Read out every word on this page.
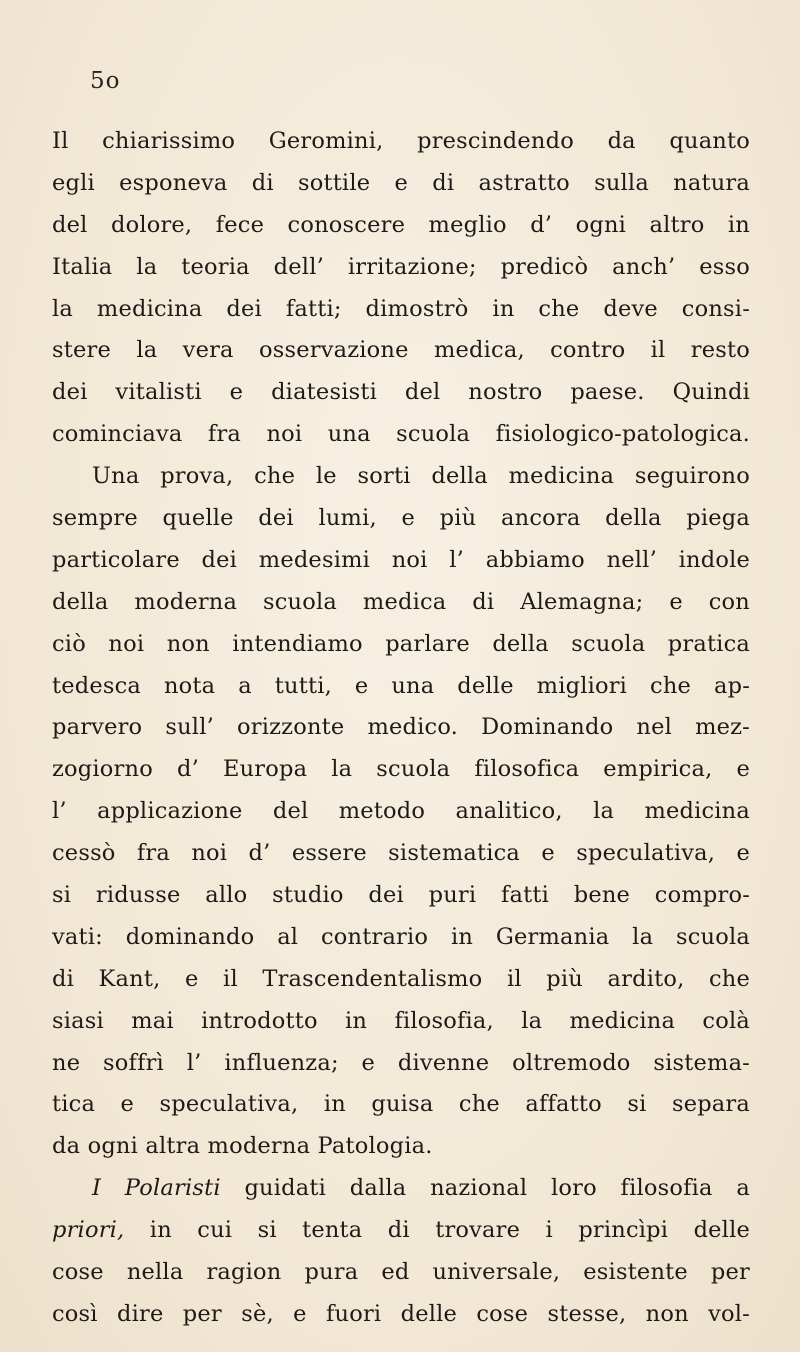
5o
Il chiarissimo Geromini, prescindendo da quanto
egli esponeva di sottile e di astratto sulla natura
del dolore, fece conoscere meglio d’ ogni altro in
Italia la teoria dell’ irritazione; predicò anch’ esso
la medicina dei fatti; dimostrò in che deve consi-
stere la vera osservazione medica, contro il resto
dei vitalisti e diatesisti del nostro paese. Quindi
cominciava fra noi una scuola fisiologico-patologica.
Una prova, che le sorti della medicina seguirono
sempre quelle dei lumi, e più ancora della piega
particolare dei medesimi noi l’ abbiamo nell’ indole
della moderna scuola medica di Alemagna; e con
ciò noi non intendiamo parlare della scuola pratica
tedesca nota a tutti, e una delle migliori che ap-
parvero sull’ orizzonte medico. Dominando nel mez-
zogiorno d’ Europa la scuola filosofica empirica, e
l’ applicazione del metodo analitico, la medicina
cessò fra noi d’ essere sistematica e speculativa, e
si ridusse allo studio dei puri fatti bene compro-
vati: dominando al contrario in Germania la scuola
di Kant, e il Trascendentalismo il più ardito, che
siasi mai introdotto in filosofia, la medicina colà
ne soffrì l’ influenza; e divenne oltremodo sistema-
tica e speculativa, in guisa che affatto si separa
da ogni altra moderna Patologia.
I Polaristi guidati dalla nazional loro filosofia a
priori, in cui si tenta di trovare i princìpi delle
cose nella ragion pura ed universale, esistente per
così dire per sè, e fuori delle cose stesse, non vol-
